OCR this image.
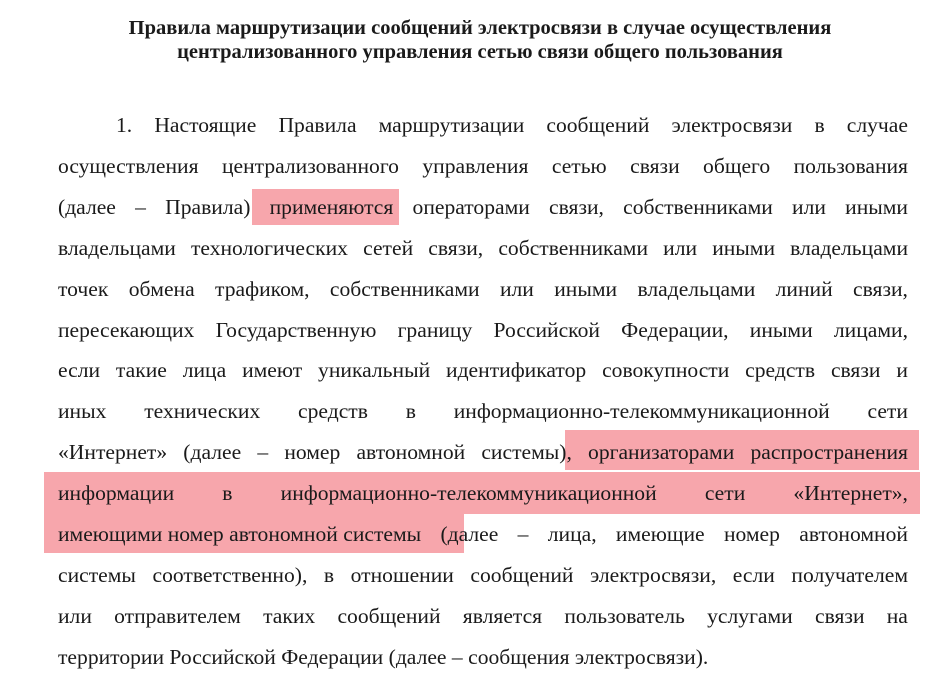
Правила маршрутизации сообщений электросвязи в случае осуществления
централизованного управления сетью связи общего пользования
1. Настоящие Правила маршрутизации сообщений электросвязи в случае
осуществления централизованного управления сетью связи общего пользования
(далее – Правила) применяются операторами связи, собственниками или иными
владельцами технологических сетей связи, собственниками или иными владельцами
точек обмена трафиком, собственниками или иными владельцами линий связи,
пересекающих Государственную границу Российской Федерации, иными лицами,
если такие лица имеют уникальный идентификатор совокупности средств связи и
иных технических средств в информационно-телекоммуникационной сети
«Интернет» (далее – номер автономной системы), организаторами распространения
информации в информационно-телекоммуникационной сети «Интернет»,
имеющими номер автономной системы (далее – лица, имеющие номер автономной
системы соответственно), в отношении сообщений электросвязи, если получателем
или отправителем таких сообщений является пользователь услугами связи на
территории Российской Федерации (далее – сообщения электросвязи).
